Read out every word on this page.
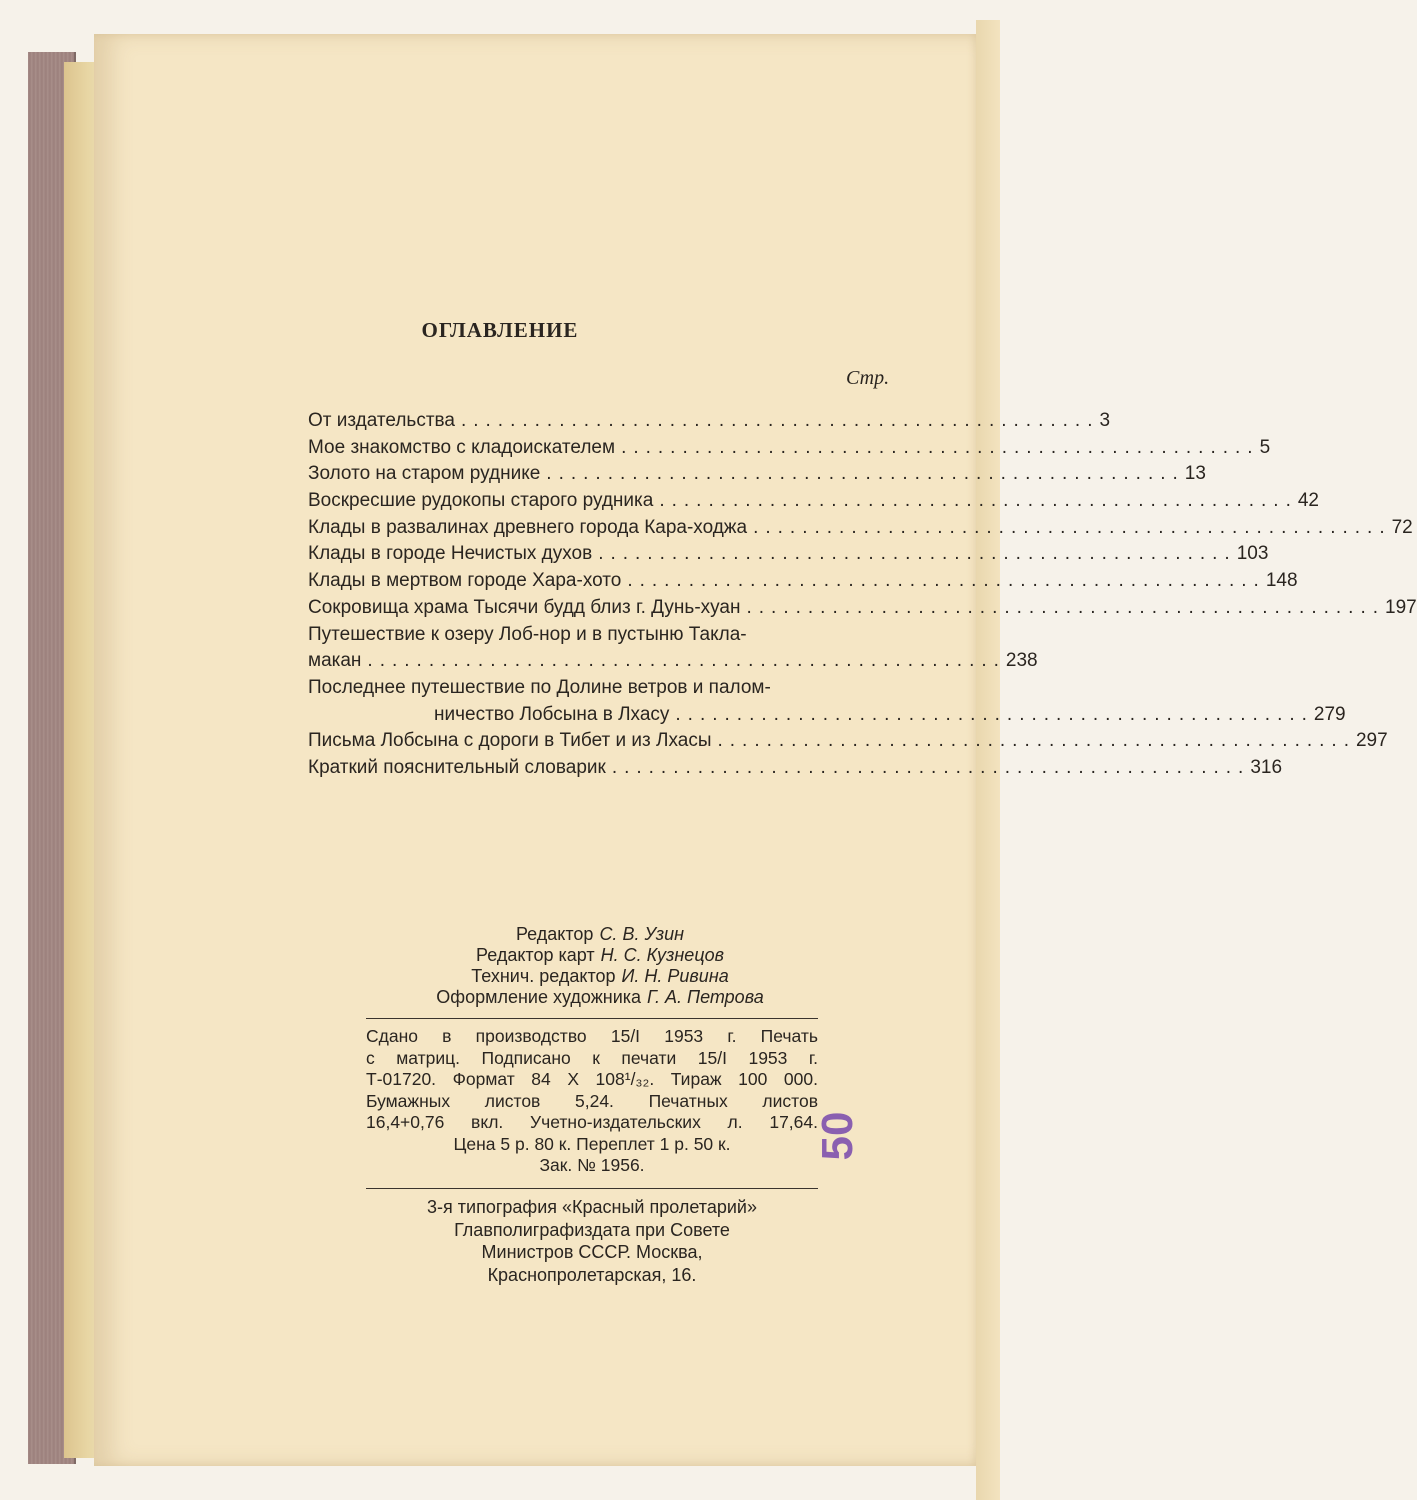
ОГЛАВЛЕНИЕ
Стр.
От издательства .................................................... 3
Мое знакомство с кладоискателем .................................................... 5
Золото на старом руднике .................................................... 13
Воскресшие рудокопы старого рудника .................................................... 42
Клады в развалинах древнего города Кара-ходжа .................................................... 72
Клады в городе Нечистых духов .................................................... 103
Клады в мертвом городе Хара-хото .................................................... 148
Сокровища храма Тысячи будд близ г. Дунь-хуан .................................................... 197
Путешествие к озеру Лоб-нор и в пустыню Такла-
макан .................................................... 238
Последнее путешествие по Долине ветров и палом-
ничество Лобсына в Лхасу .................................................... 279
Письма Лобсына с дороги в Тибет и из Лхасы .................................................... 297
Краткий пояснительный словарик .................................................... 316
Редактор С. В. Узин
Редактор карт Н. С. Кузнецов
Технич. редактор И. Н. Ривина
Оформление художника Г. А. Петрова
Сдано в производство 15/I 1953 г. Печать
с матриц. Подписано к печати 15/I 1953 г.
Т-01720. Формат 84 X 108¹/₃₂. Тираж 100 000.
Бумажных листов 5,24. Печатных листов
16,4+0,76 вкл. Учетно-издательских л. 17,64.
Цена 5 р. 80 к. Переплет 1 р. 50 к.
Зак. № 1956.
3-я типография «Красный пролетарий»
Главполиграфиздата при Совете
Министров СССР. Москва,
Краснопролетарская, 16.
50
